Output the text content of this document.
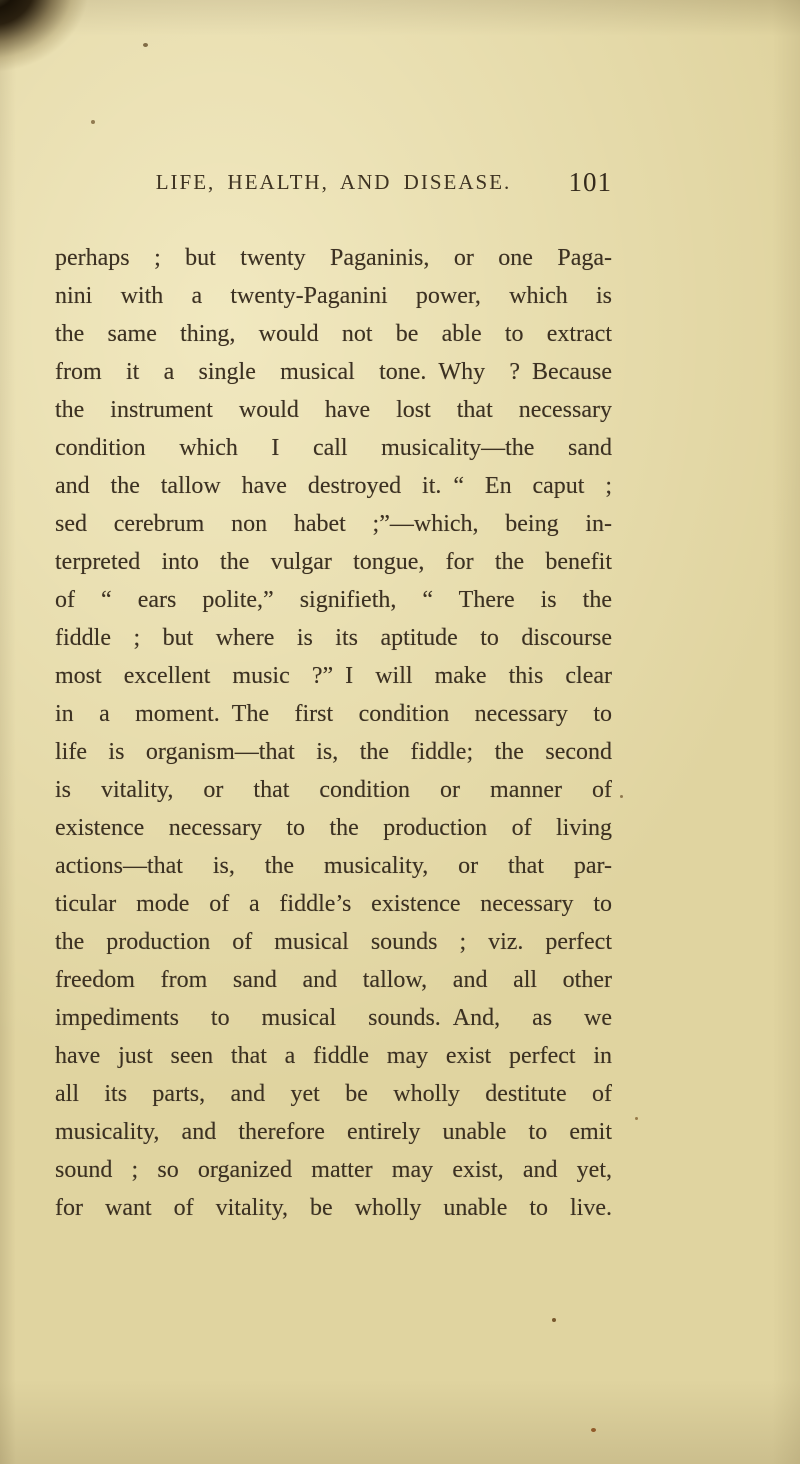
LIFE, HEALTH, AND DISEASE.	101
perhaps ; but twenty Paganinis, or one Paga-
nini with a twenty-Paganini power, which is
the same thing, would not be able to extract
from it a single musical tone. Why ? Because
the instrument would have lost that necessary
condition which I call musicality—the sand
and the tallow have destroyed it. “ En caput ;
sed cerebrum non habet ;”—which, being in-
terpreted into the vulgar tongue, for the benefit
of “ ears polite,” signifieth, “ There is the
fiddle ; but where is its aptitude to discourse
most excellent music ?” I will make this clear
in a moment. The first condition necessary to
life is organism—that is, the fiddle; the second
is vitality, or that condition or manner of
existence necessary to the production of living
actions—that is, the musicality, or that par-
ticular mode of a fiddle’s existence necessary to
the production of musical sounds ; viz. perfect
freedom from sand and tallow, and all other
impediments to musical sounds. And, as we
have just seen that a fiddle may exist perfect in
all its parts, and yet be wholly destitute of
musicality, and therefore entirely unable to emit
sound ; so organized matter may exist, and yet,
for want of vitality, be wholly unable to live.
